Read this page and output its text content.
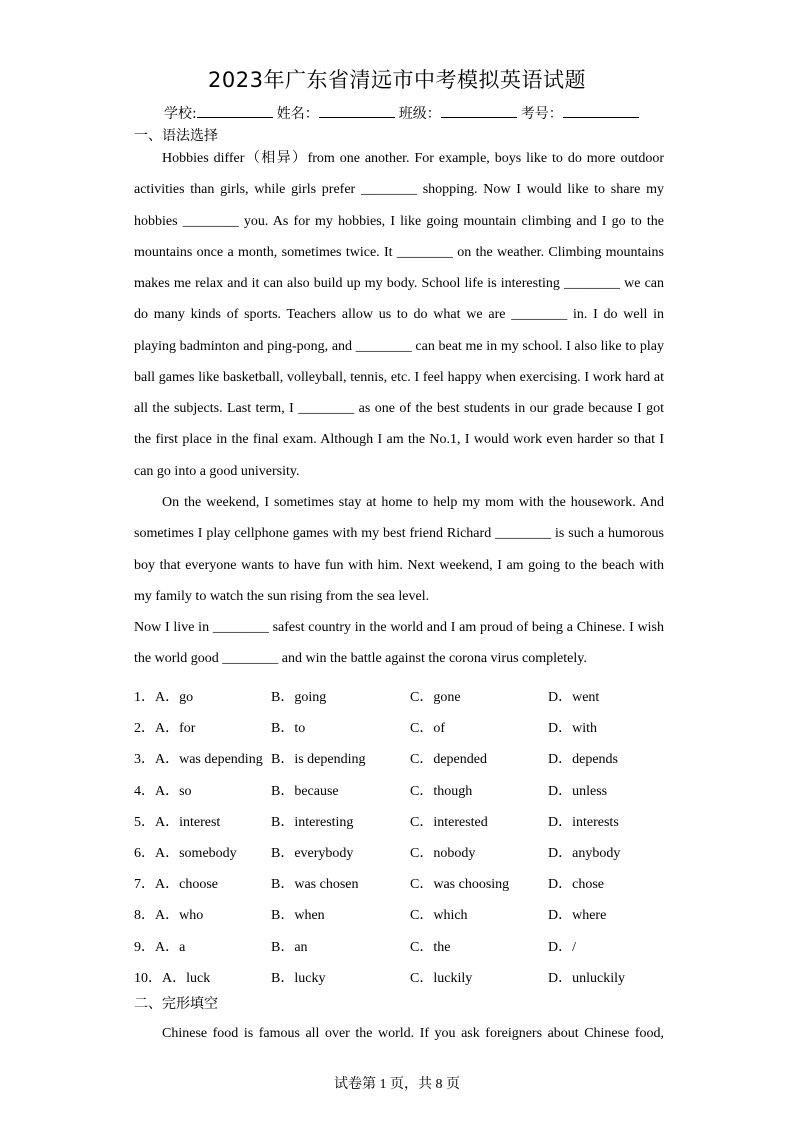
2023年广东省清远市中考模拟英语试题
学校:	姓名：	班级：	考号：
一、语法选择
Hobbies differ（相异）from one another. For example, boys like to do more outdoor
activities than girls, while girls prefer ________ shopping. Now I would like to share my
hobbies ________ you. As for my hobbies, I like going mountain climbing and I go to the
mountains once a month, sometimes twice. It ________ on the weather. Climbing mountains
makes me relax and it can also build up my body. School life is interesting ________ we can
do many kinds of sports. Teachers allow us to do what we are ________ in. I do well in
playing badminton and ping-pong, and ________ can beat me in my school. I also like to play
ball games like basketball, volleyball, tennis, etc. I feel happy when exercising. I work hard at
all the subjects. Last term, I ________ as one of the best students in our grade because I got
the first place in the final exam. Although I am the No.1, I would work even harder so that I
can go into a good university.
On the weekend, I sometimes stay at home to help my mom with the housework. And
sometimes I play cellphone games with my best friend Richard ________ is such a humorous
boy that everyone wants to have fun with him. Next weekend, I am going to the beach with
my family to watch the sun rising from the sea level.
Now I live in ________ safest country in the world and I am proud of being a Chinese. I wish
the world good ________ and win the battle against the corona virus completely.
1．A．go	B．going	C．gone	D．went
2．A．for	B．to	C．of	D．with
3．A．was depending B．is depending	C．depended	D．depends
4．A．so	B．because	C．though	D．unless
5．A．interest	B．interesting	C．interested	D．interests
6．A．somebody B．everybody	C．nobody	D．anybody
7．A．choose	B．was chosen	C．was choosing	D．chose
8．A．who	B．when	C．which	D．where
9．A．a	B．an	C．the	D．/
10．A．luck	B．lucky	C．luckily	D．unluckily
二、完形填空
Chinese food is famous all over the world. If you ask foreigners about Chinese food,
试卷第 1 页，共 8 页
